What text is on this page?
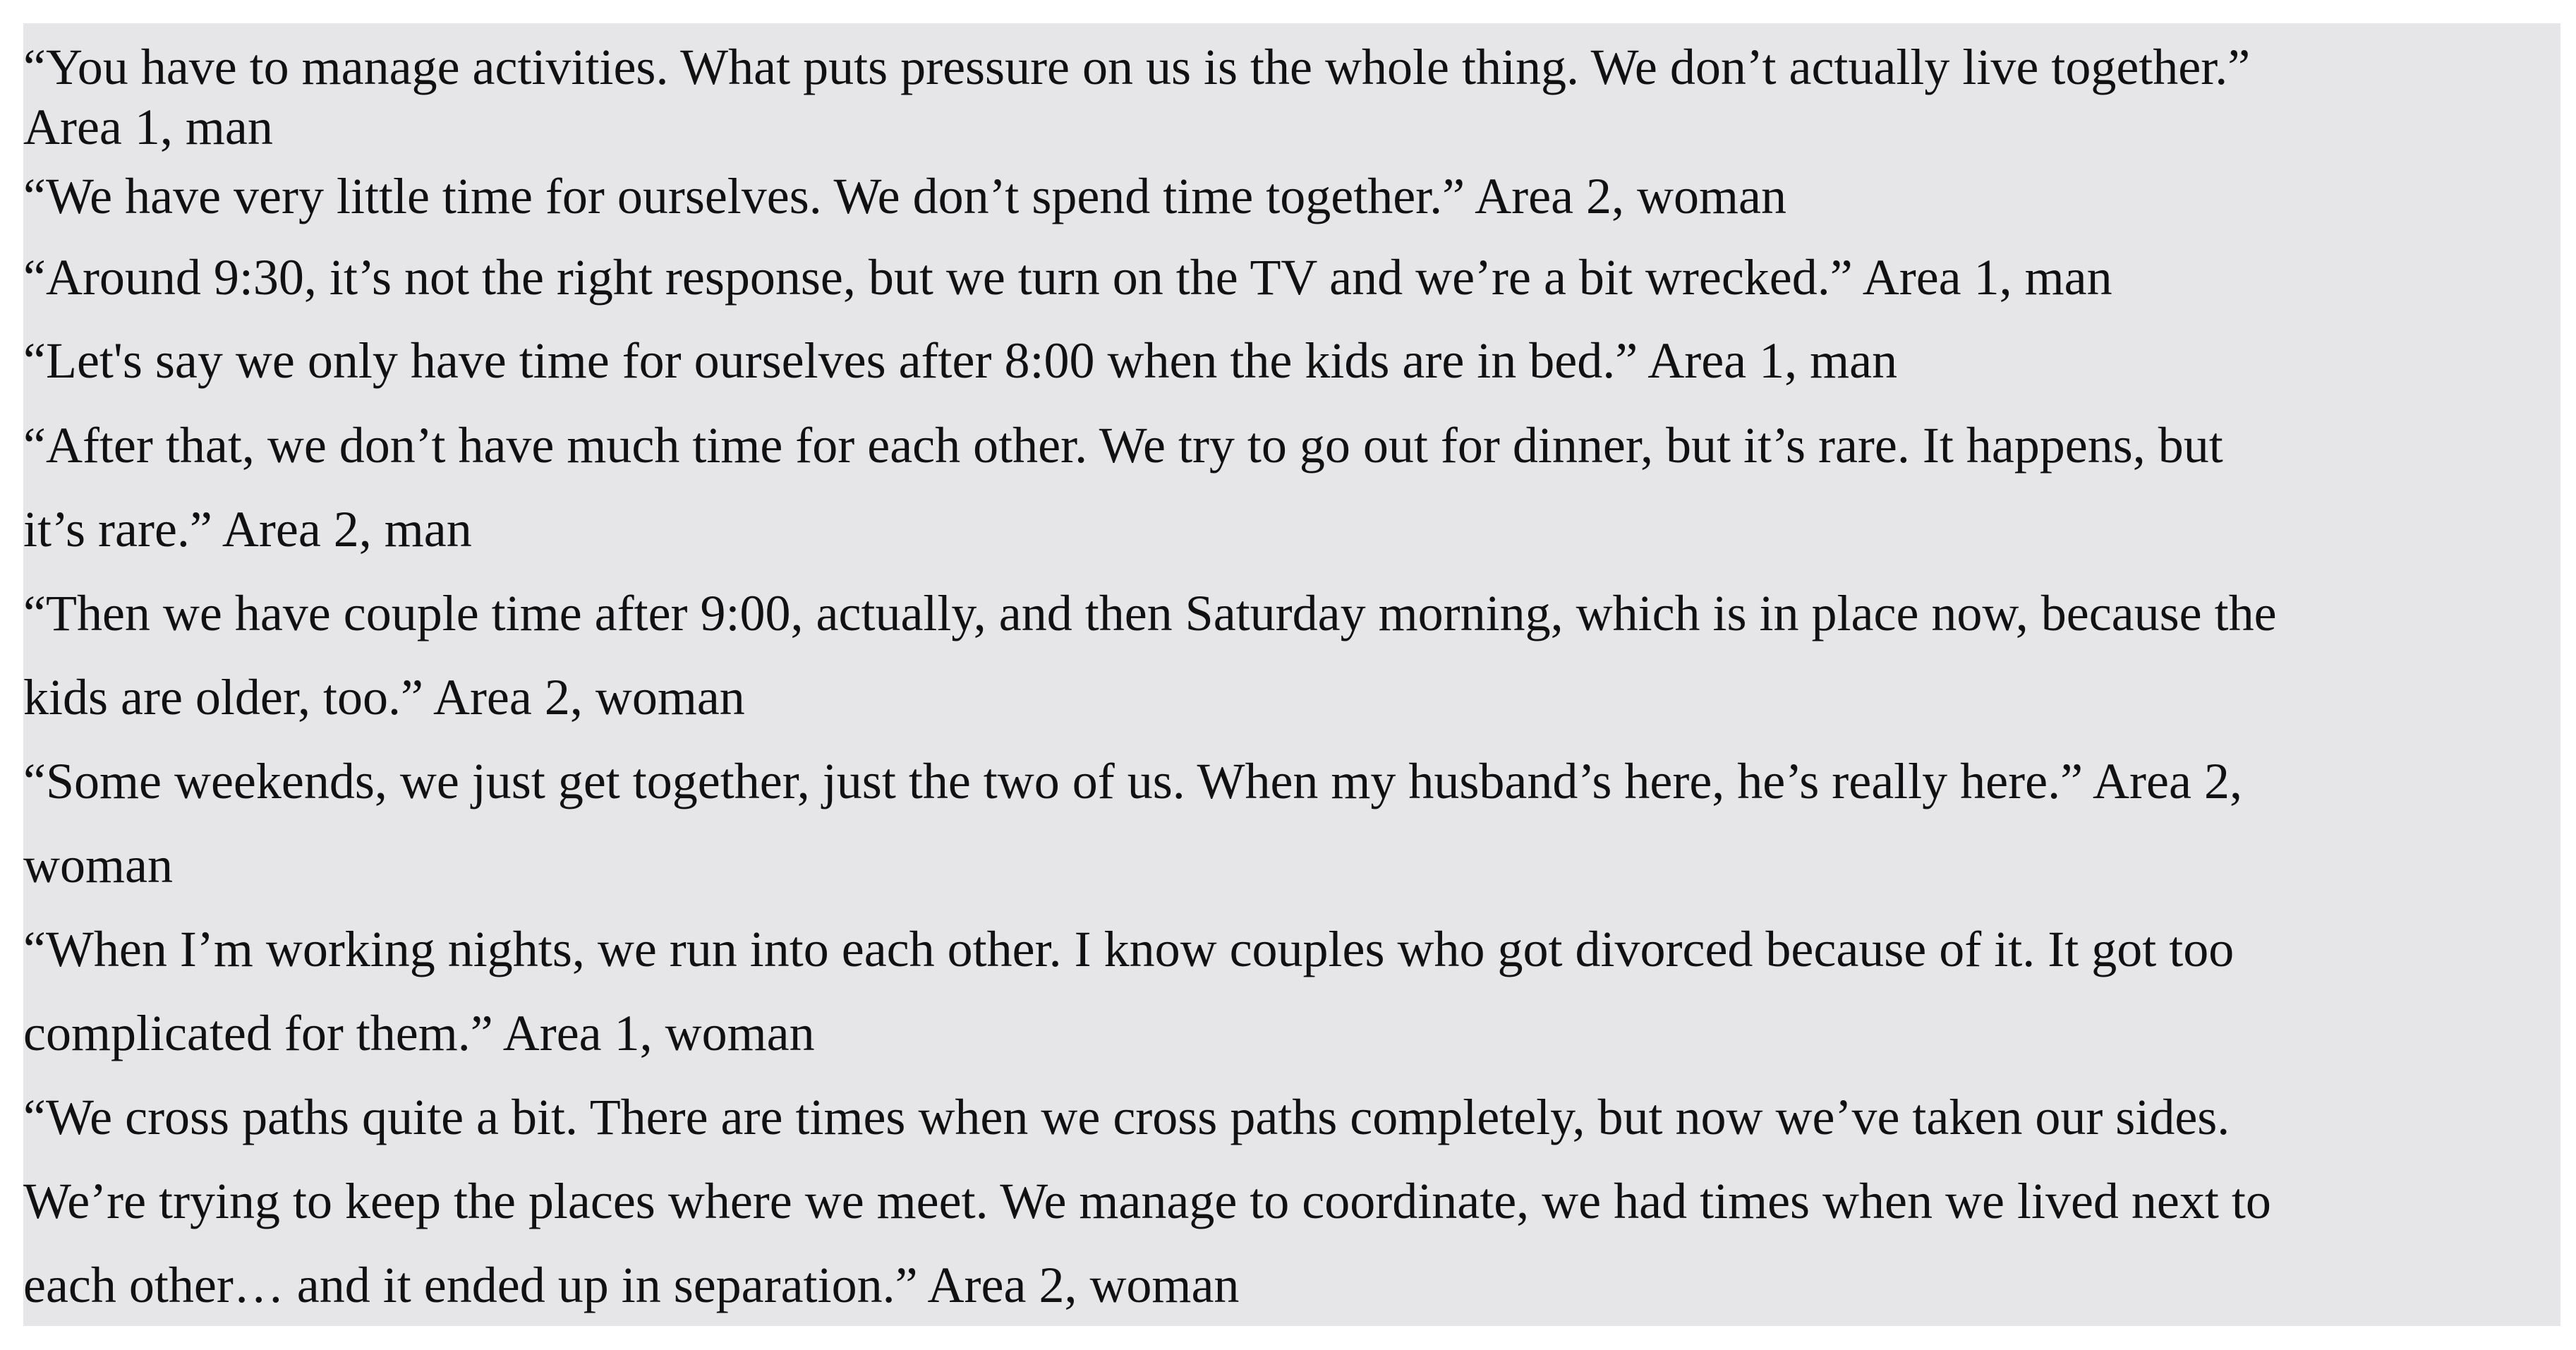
“You have to manage activities. What puts pressure on us is the whole thing. We don’t actually live together.”
Area 1, man
“We have very little time for ourselves. We don’t spend time together.” Area 2, woman
“Around 9:30, it’s not the right response, but we turn on the TV and we’re a bit wrecked.” Area 1, man
“Let's say we only have time for ourselves after 8:00 when the kids are in bed.” Area 1, man
“After that, we don’t have much time for each other. We try to go out for dinner, but it’s rare. It happens, but
it’s rare.” Area 2, man
“Then we have couple time after 9:00, actually, and then Saturday morning, which is in place now, because the
kids are older, too.” Area 2, woman
“Some weekends, we just get together, just the two of us. When my husband’s here, he’s really here.” Area 2,
woman
“When I’m working nights, we run into each other. I know couples who got divorced because of it. It got too
complicated for them.” Area 1, woman
“We cross paths quite a bit. There are times when we cross paths completely, but now we’ve taken our sides.
We’re trying to keep the places where we meet. We manage to coordinate, we had times when we lived next to
each other… and it ended up in separation.” Area 2, woman
